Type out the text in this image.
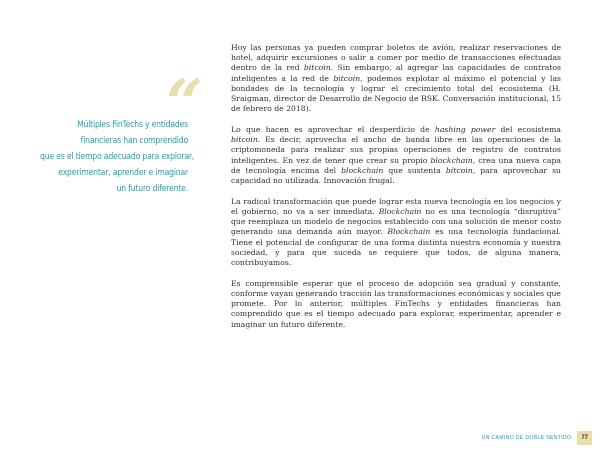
“
Múltiples FinTechs y entidades
financieras han comprendido
que es el tiempo adecuado para explorar,
experimentar, aprender e imaginar
un futuro diferente.

Hoy las personas ya pueden comprar boletos de avión, realizar reservaciones de hotel, adquirir excursiones o salir a comer por medio de transacciones efectuadas dentro de la red bitcoin. Sin embargo, al agregar las capacidades de contratos inteligentes a la red de bitcoin, podemos explotar al máximo el potencial y las bondades de la tecnología y lograr el crecimiento total del ecosistema (H. Sraigman, director de Desarrollo de Negocio de RSK. Conversación institucional, 15 de febrero de 2018).

Lo que hacen es aprovechar el desperdicio de hashing power del ecosistema bitcoin. Es decir, aprovecha el ancho de banda libre en las operaciones de la criptomoneda para realizar sus propias operaciones de registro de contratos inteligentes. En vez de tener que crear su propio blockchain, crea una nueva capa de tecnología encima del blockchain que sustenta bitcoin, para aprovechar su capacidad no utilizada. Innovación frugal.

La radical transformación que puede lograr esta nueva tecnología en los negocios y el gobierno, no va a ser inmediata. Blockchain no es una tecnología “disruptiva” que reemplaza un modelo de negocios establecido con una solución de menor costo generando una demanda aún mayor. Blockchain es una tecnología fundacional. Tiene el potencial de configurar de una forma distinta nuestra economía y nuestra sociedad, y para que suceda se requiere que todos, de alguna manera, contribuyamos.

Es comprensible esperar que el proceso de adopción sea gradual y constante, conforme vayan generando tracción las transformaciones económicas y sociales que promete. Por lo anterior, múltiples FinTechs y entidades financieras han comprendido que es el tiempo adecuado para explorar, experimentar, aprender e imaginar un futuro diferente.

UN CAMINO DE DOBLE SENTIDO	77
